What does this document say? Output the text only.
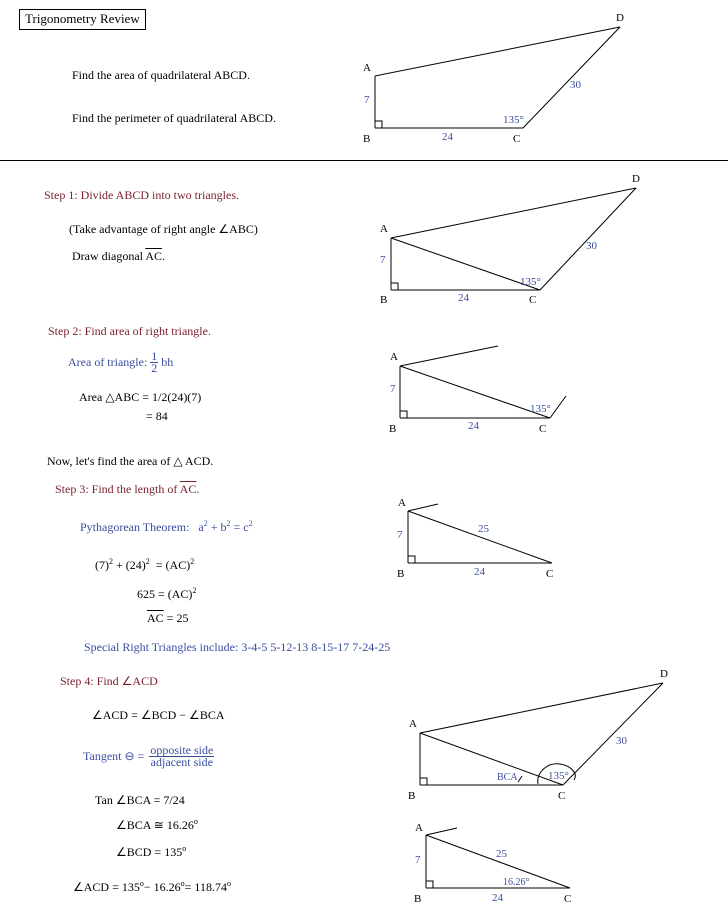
Trigonometry Review
Find the area of quadrilateral ABCD.
Find the perimeter of quadrilateral ABCD.
A
B	C
D
7
24
30
135°
Step 1: Divide ABCD into two triangles.
(Take advantage of right angle ∠ABC)
Draw diagonal $\overline{AC}$.
A
B	C
D
7
24
30
135°
Step 2: Find area of right triangle.
Area of triangle: $\frac{1}{2}$ bh
Area △ABC = 1/2(24)(7)
= 84
A
B	C
7
24
135°
Now, let's find the area of △ ACD.
Step 3: Find the length of $\overline{AC}$.
Pythagorean Theorem: $a^2 + b^2 = c^2$
$(7)^2 + (24)^2 = (AC)^2$
625 = (AC)$^2$
$\overline{AC} = 25$
Special Right Triangles include: 3-4-5 5-12-13 8-15-17 7-24-25
A
B	C
7
24
25
Step 4: Find ∠ACD
∠ACD = ∠BCD − ∠BCA
Tangent ⊖ = $\frac{\text{opposite side}}{\text{adjacent side}}$
Tan ∠BCA = 7/24
∠BCA ≅ 16.26$^o$
∠BCD = $135^o$
∠ACD = $135^o- 16.26^o= 118.74^o$
A
B	C
D
30
BCA	135°
A
B	C
7
24
25
16.26°
